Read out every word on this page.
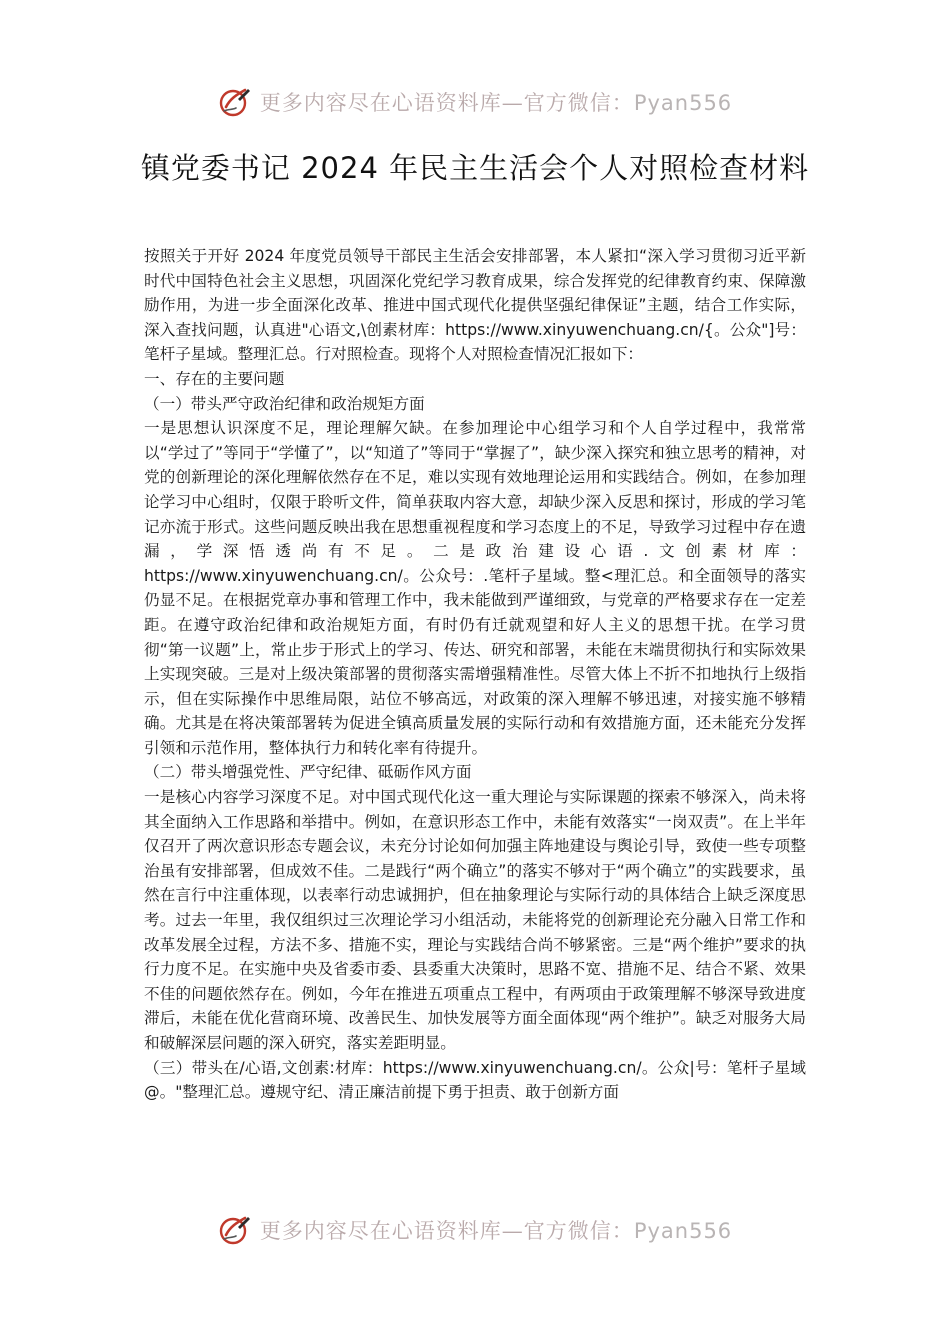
更多内容尽在心语资料库—官方微信：Pyan556
镇党委书记 2024 年民主生活会个人对照检查材料

按照关于开好 2024 年度党员领导干部民主生活会安排部署，本人紧扣“深入学习贯彻习近平新时代中国特色社会主义思想，巩固深化党纪学习教育成果，综合发挥党的纪律教育约束、保障激励作用，为进一步全面深化改革、推进中国式现代化提供坚强纪律保证”主题，结合工作实际，深入查找问题，认真进"心语文,\创素材库：https://www.xinyuwenchuang.cn/{。公众"]号：笔杆子星域。整理汇总。行对照检查。现将个人对照检查情况汇报如下：

一、存在的主要问题

（一）带头严守政治纪律和政治规矩方面

一是思想认识深度不足，理论理解欠缺。在参加理论中心组学习和个人自学过程中，我常常以“学过了”等同于“学懂了”，以“知道了”等同于“掌握了”，缺少深入探究和独立思考的精神，对党的创新理论的深化理解依然存在不足，难以实现有效地理论运用和实践结合。例如，在参加理论学习中心组时，仅限于聆听文件，简单获取内容大意，却缺少深入反思和探讨，形成的学习笔记亦流于形式。这些问题反映出我在思想重视程度和学习态度上的不足，导致学习过程中存在遗漏，学深悟透尚有不足。二是政治建设心语.文创素材库：https://www.xinyuwenchuang.cn/。公众号：.笔杆子星域。整<理汇总。和全面领导的落实仍显不足。在根据党章办事和管理工作中，我未能做到严谨细致，与党章的严格要求存在一定差距。在遵守政治纪律和政治规矩方面，有时仍有迁就观望和好人主义的思想干扰。在学习贯彻“第一议题”上，常止步于形式上的学习、传达、研究和部署，未能在末端贯彻执行和实际效果上实现突破。三是对上级决策部署的贯彻落实需增强精准性。尽管大体上不折不扣地执行上级指示，但在实际操作中思维局限，站位不够高远，对政策的深入理解不够迅速，对接实施不够精确。尤其是在将决策部署转为促进全镇高质量发展的实际行动和有效措施方面，还未能充分发挥引领和示范作用，整体执行力和转化率有待提升。

（二）带头增强党性、严守纪律、砥砺作风方面

一是核心内容学习深度不足。对中国式现代化这一重大理论与实际课题的探索不够深入，尚未将其全面纳入工作思路和举措中。例如，在意识形态工作中，未能有效落实“一岗双责”。在上半年仅召开了两次意识形态专题会议，未充分讨论如何加强主阵地建设与舆论引导，致使一些专项整治虽有安排部署，但成效不佳。二是践行“两个确立”的落实不够对于“两个确立”的实践要求，虽然在言行中注重体现，以表率行动忠诚拥护，但在抽象理论与实际行动的具体结合上缺乏深度思考。过去一年里，我仅组织过三次理论学习小组活动，未能将党的创新理论充分融入日常工作和改革发展全过程，方法不多、措施不实，理论与实践结合尚不够紧密。三是“两个维护”要求的执行力度不足。在实施中央及省委市委、县委重大决策时，思路不宽、措施不足、结合不紧、效果不佳的问题依然存在。例如，今年在推进五项重点工程中，有两项由于政策理解不够深导致进度滞后，未能在优化营商环境、改善民生、加快发展等方面全面体现“两个维护”。缺乏对服务大局和破解深层问题的深入研究，落实差距明显。

（三）带头在/心语,文创素:材库：https://www.xinyuwenchuang.cn/。公众|号：笔杆子星域@。"整理汇总。遵规守纪、清正廉洁前提下勇于担责、敢于创新方面

更多内容尽在心语资料库—官方微信：Pyan556
